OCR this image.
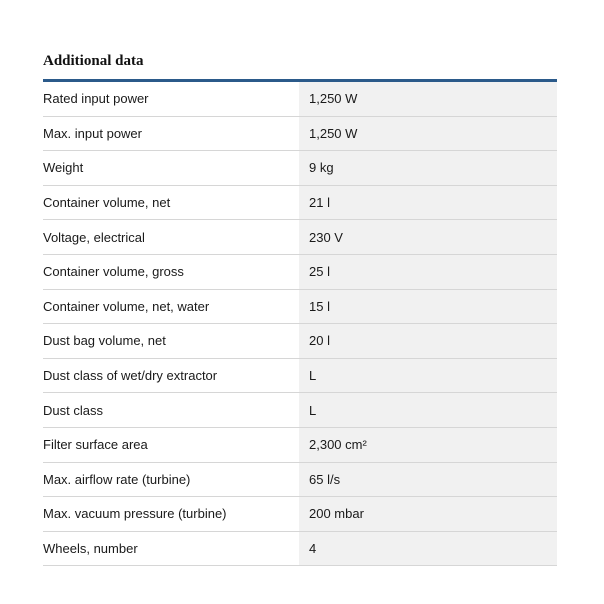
Additional data
Rated input power	1,250 W
Max. input power	1,250 W
Weight	9 kg
Container volume, net	21 l
Voltage, electrical	230 V
Container volume, gross	25 l
Container volume, net, water	15 l
Dust bag volume, net	20 l
Dust class of wet/dry extractor	L
Dust class	L
Filter surface area	2,300 cm²
Max. airflow rate (turbine)	65 l/s
Max. vacuum pressure (turbine)	200 mbar
Wheels, number	4
